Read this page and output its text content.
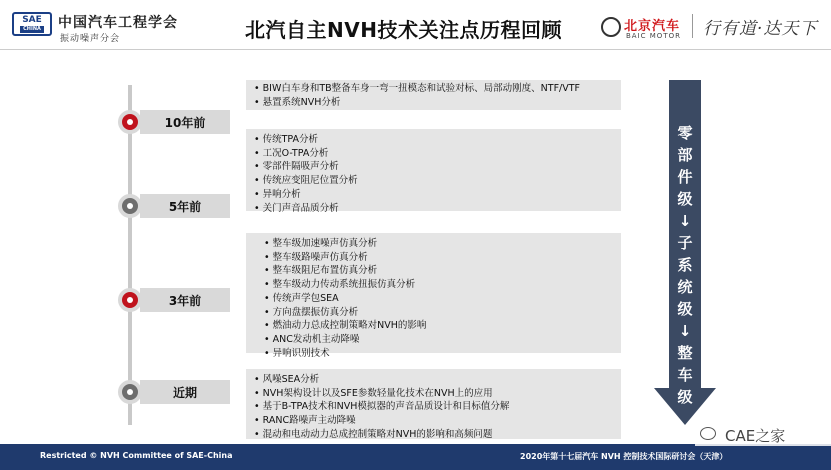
SAE
CHINA 中国汽车工程学会
振动噪声分会	北汽自主NVH技术关注点历程回顾	北京汽车
BAIC MOTOR 行有道·达天下
10年前
5年前
3年前
近期
• BIW白车身和TB整备车身一弯一扭模态和试验对标、局部动刚度、NTF/VTF
• 悬置系统NVH分析
• 传统TPA分析
• 工况O-TPA分析
• 零部件隔吸声分析
• 传统应变阻尼位置分析
• 异响分析
• 关门声音品质分析
• 整车级加速噪声仿真分析
• 整车级路噪声仿真分析
• 整车级阻尼布置仿真分析
• 整车级动力传动系统扭振仿真分析
• 传统声学包SEA
• 方向盘摆振仿真分析
• 燃油动力总成控制策略对NVH的影响
• ANC发动机主动降噪
• 异响识别技术
• 风噪SEA分析
• NVH架构设计以及SFE参数轻量化技术在NVH上的应用
• 基于B-TPA技术和NVH模拟器的声音品质设计和目标值分解
• RANC路噪声主动降噪
• 混动和电动动力总成控制策略对NVH的影响和高频问题
零
部
件
级
↓
子
系
统
级
↓
整
车
级
Restricted © NVH Committee of SAE-China	2020年第十七届汽车 NVH 控制技术国际研讨会（天津）
CAE之家
